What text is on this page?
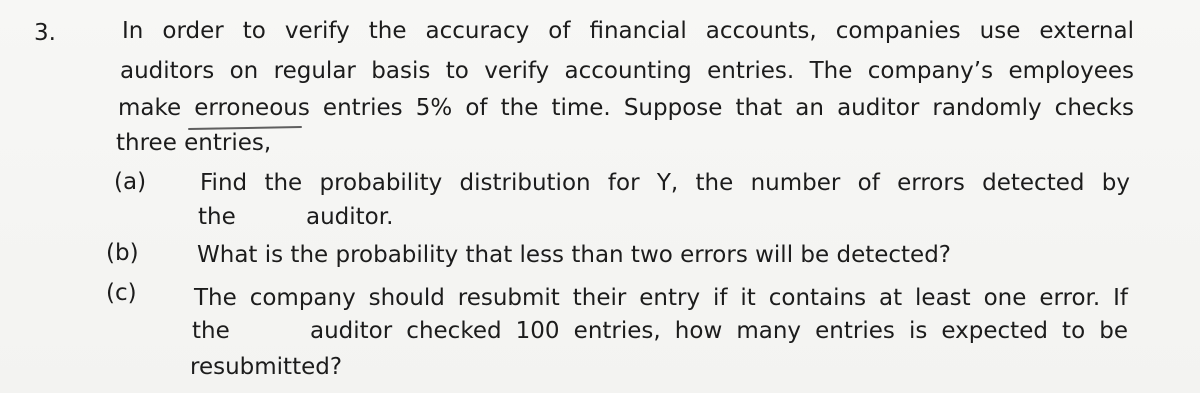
3.	In order to verify the accuracy of financial accounts, companies use external
auditors on regular basis to verify accounting entries. The company’s employees
make erroneous entries 5% of the time. Suppose that an auditor randomly checks
three entries,
(a) Find the probability distribution for Y, the number of errors detected by
the	auditor.
(b)	What is the probability that less than two errors will be detected?
(c) The company should resubmit their entry if it contains at least one error. If
the	auditor checked 100 entries, how many entries is expected to be
resubmitted?
